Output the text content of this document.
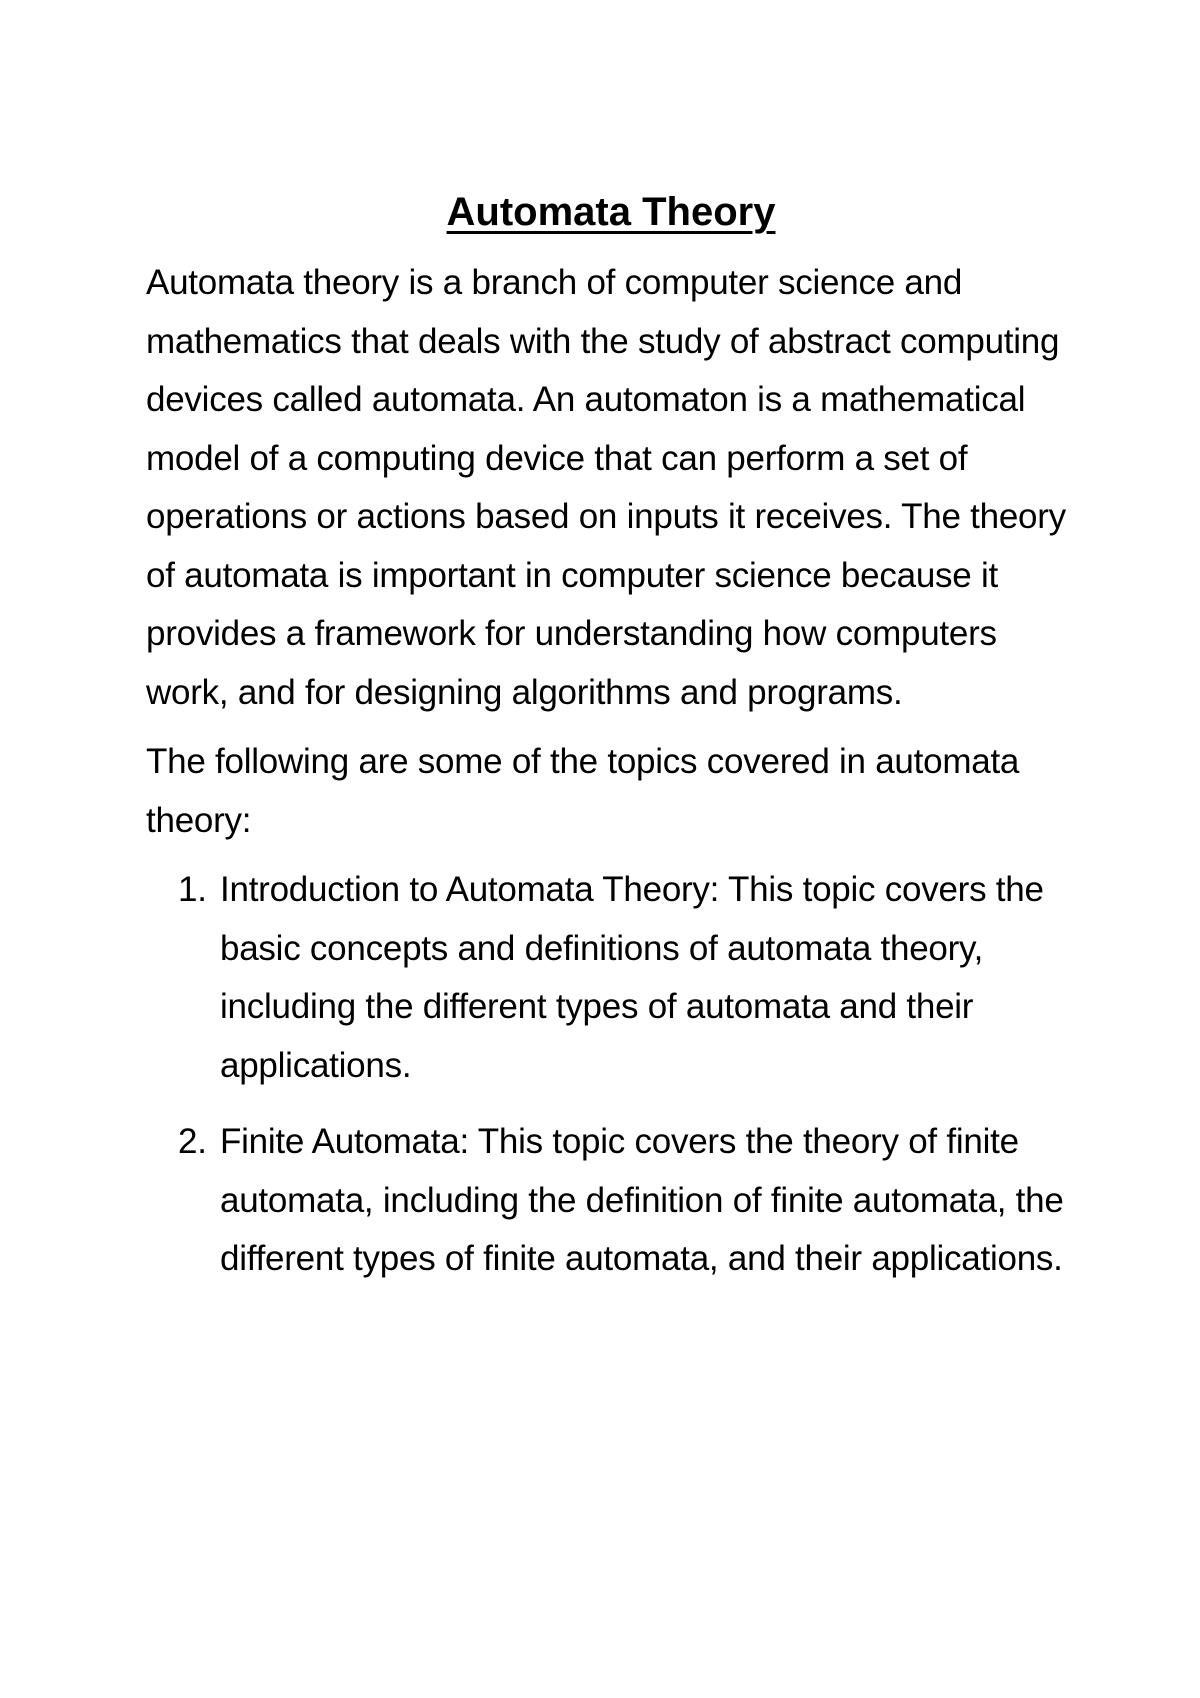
Automata Theory

Automata theory is a branch of computer science and mathematics that deals with the study of abstract computing devices called automata. An automaton is a mathematical model of a computing device that can perform a set of operations or actions based on inputs it receives. The theory of automata is important in computer science because it provides a framework for understanding how computers work, and for designing algorithms and programs.

The following are some of the topics covered in automata theory:

1. Introduction to Automata Theory: This topic covers the basic concepts and definitions of automata theory, including the different types of automata and their applications.
2. Finite Automata: This topic covers the theory of finite automata, including the definition of finite automata, the different types of finite automata, and their applications.
